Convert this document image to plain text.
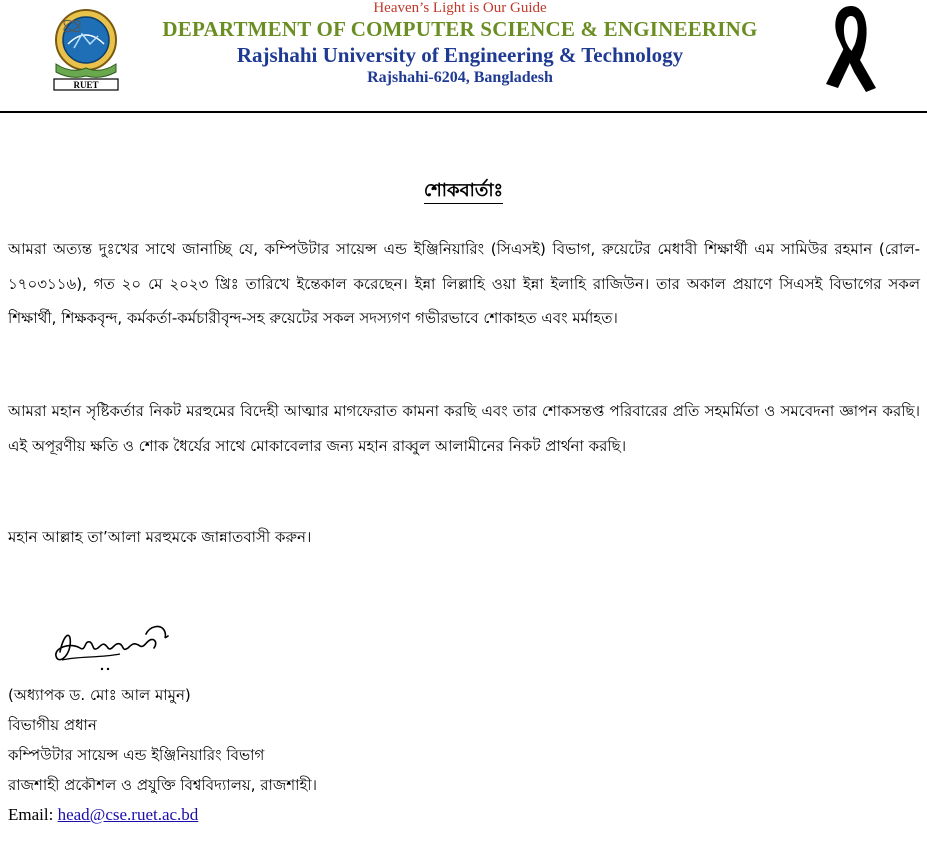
RUET
Heaven’s Light is Our Guide
DEPARTMENT OF COMPUTER SCIENCE & ENGINEERING
Rajshahi University of Engineering & Technology
Rajshahi-6204, Bangladesh
শোকবার্তাঃ

আমরা অত্যন্ত দুঃখের সাথে জানাচ্ছি যে, কম্পিউটার সায়েন্স এন্ড ইঞ্জিনিয়ারিং (সিএসই) বিভাগ, রুয়েটের মেধাবী শিক্ষার্থী এম সামিউর রহমান (রোল- ১৭০৩১১৬), গত ২০ মে ২০২৩ খ্রিঃ তারিখে ইন্তেকাল করেছেন। ইন্না লিল্লাহি ওয়া ইন্না ইলাহি রাজিউন। তার অকাল প্রয়াণে সিএসই বিভাগের সকল শিক্ষার্থী, শিক্ষকবৃন্দ, কর্মকর্তা-কর্মচারীবৃন্দ-সহ রুয়েটের সকল সদস্যগণ গভীরভাবে শোকাহত এবং মর্মাহত।

আমরা মহান সৃষ্টিকর্তার নিকট মরহুমের বিদেহী আত্মার মাগফেরাত কামনা করছি এবং তার শোকসন্তপ্ত পরিবারের প্রতি সহমর্মিতা ও সমবেদনা জ্ঞাপন করছি। এই অপূরণীয় ক্ষতি ও শোক ধৈর্যের সাথে মোকাবেলার জন্য মহান রাব্বুল আলামীনের নিকট প্রার্থনা করছি।

মহান আল্লাহ তা’আলা মরহুমকে জান্নাতবাসী করুন।

(অধ্যাপক ড. মোঃ আল মামুন)
বিভাগীয় প্রধান
কম্পিউটার সায়েন্স এন্ড ইঞ্জিনিয়ারিং বিভাগ
রাজশাহী প্রকৌশল ও প্রযুক্তি বিশ্ববিদ্যালয়, রাজশাহী।
Email: head@cse.ruet.ac.bd
